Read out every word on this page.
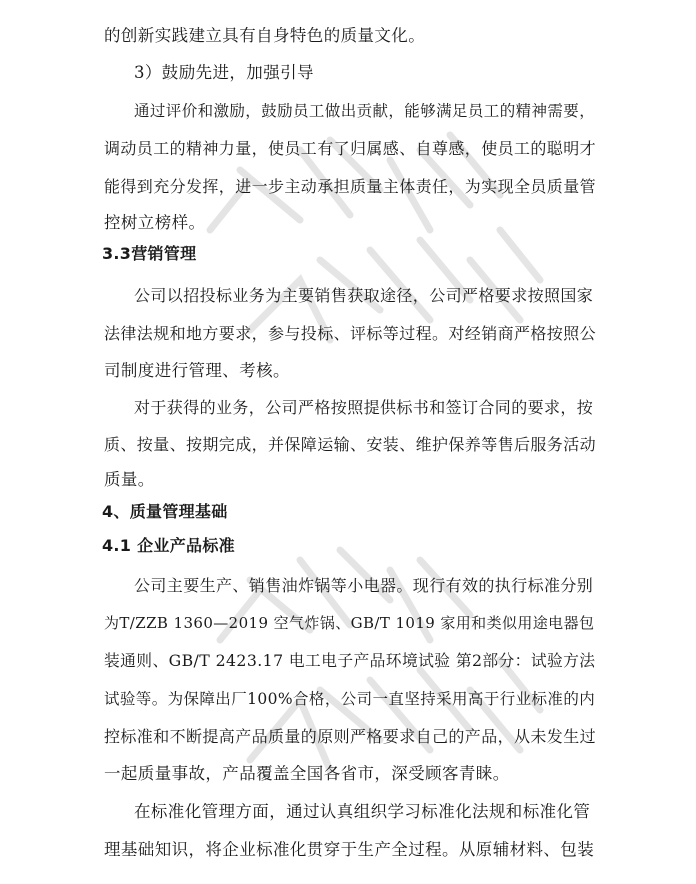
的创新实践建立具有自身特色的质量文化。
3）鼓励先进，加强引导
通过评价和激励，鼓励员工做出贡献，能够满足员工的精神需要，
调动员工的精神力量，使员工有了归属感、自尊感，使员工的聪明才
能得到充分发挥，进一步主动承担质量主体责任，为实现全员质量管
控树立榜样。
3.3营销管理
公司以招投标业务为主要销售获取途径，公司严格要求按照国家
法律法规和地方要求，参与投标、评标等过程。对经销商严格按照公
司制度进行管理、考核。
对于获得的业务，公司严格按照提供标书和签订合同的要求，按
质、按量、按期完成，并保障运输、安装、维护保养等售后服务活动
质量。
4、质量管理基础
4.1 企业产品标准
公司主要生产、销售油炸锅等小电器。现行有效的执行标准分别
为T/ZZB 1360—2019 空气炸锅、GB/T 1019 家用和类似用途电器包
装通则、GB/T 2423.17 电工电子产品环境试验 第2部分：试验方法
试验等。为保障出厂100%合格，公司一直坚持采用高于行业标准的内
控标准和不断提高产品质量的原则严格要求自己的产品，从未发生过
一起质量事故，产品覆盖全国各省市，深受顾客青睐。
在标准化管理方面，通过认真组织学习标准化法规和标准化管
理基础知识，将企业标准化贯穿于生产全过程。从原辅材料、包装
